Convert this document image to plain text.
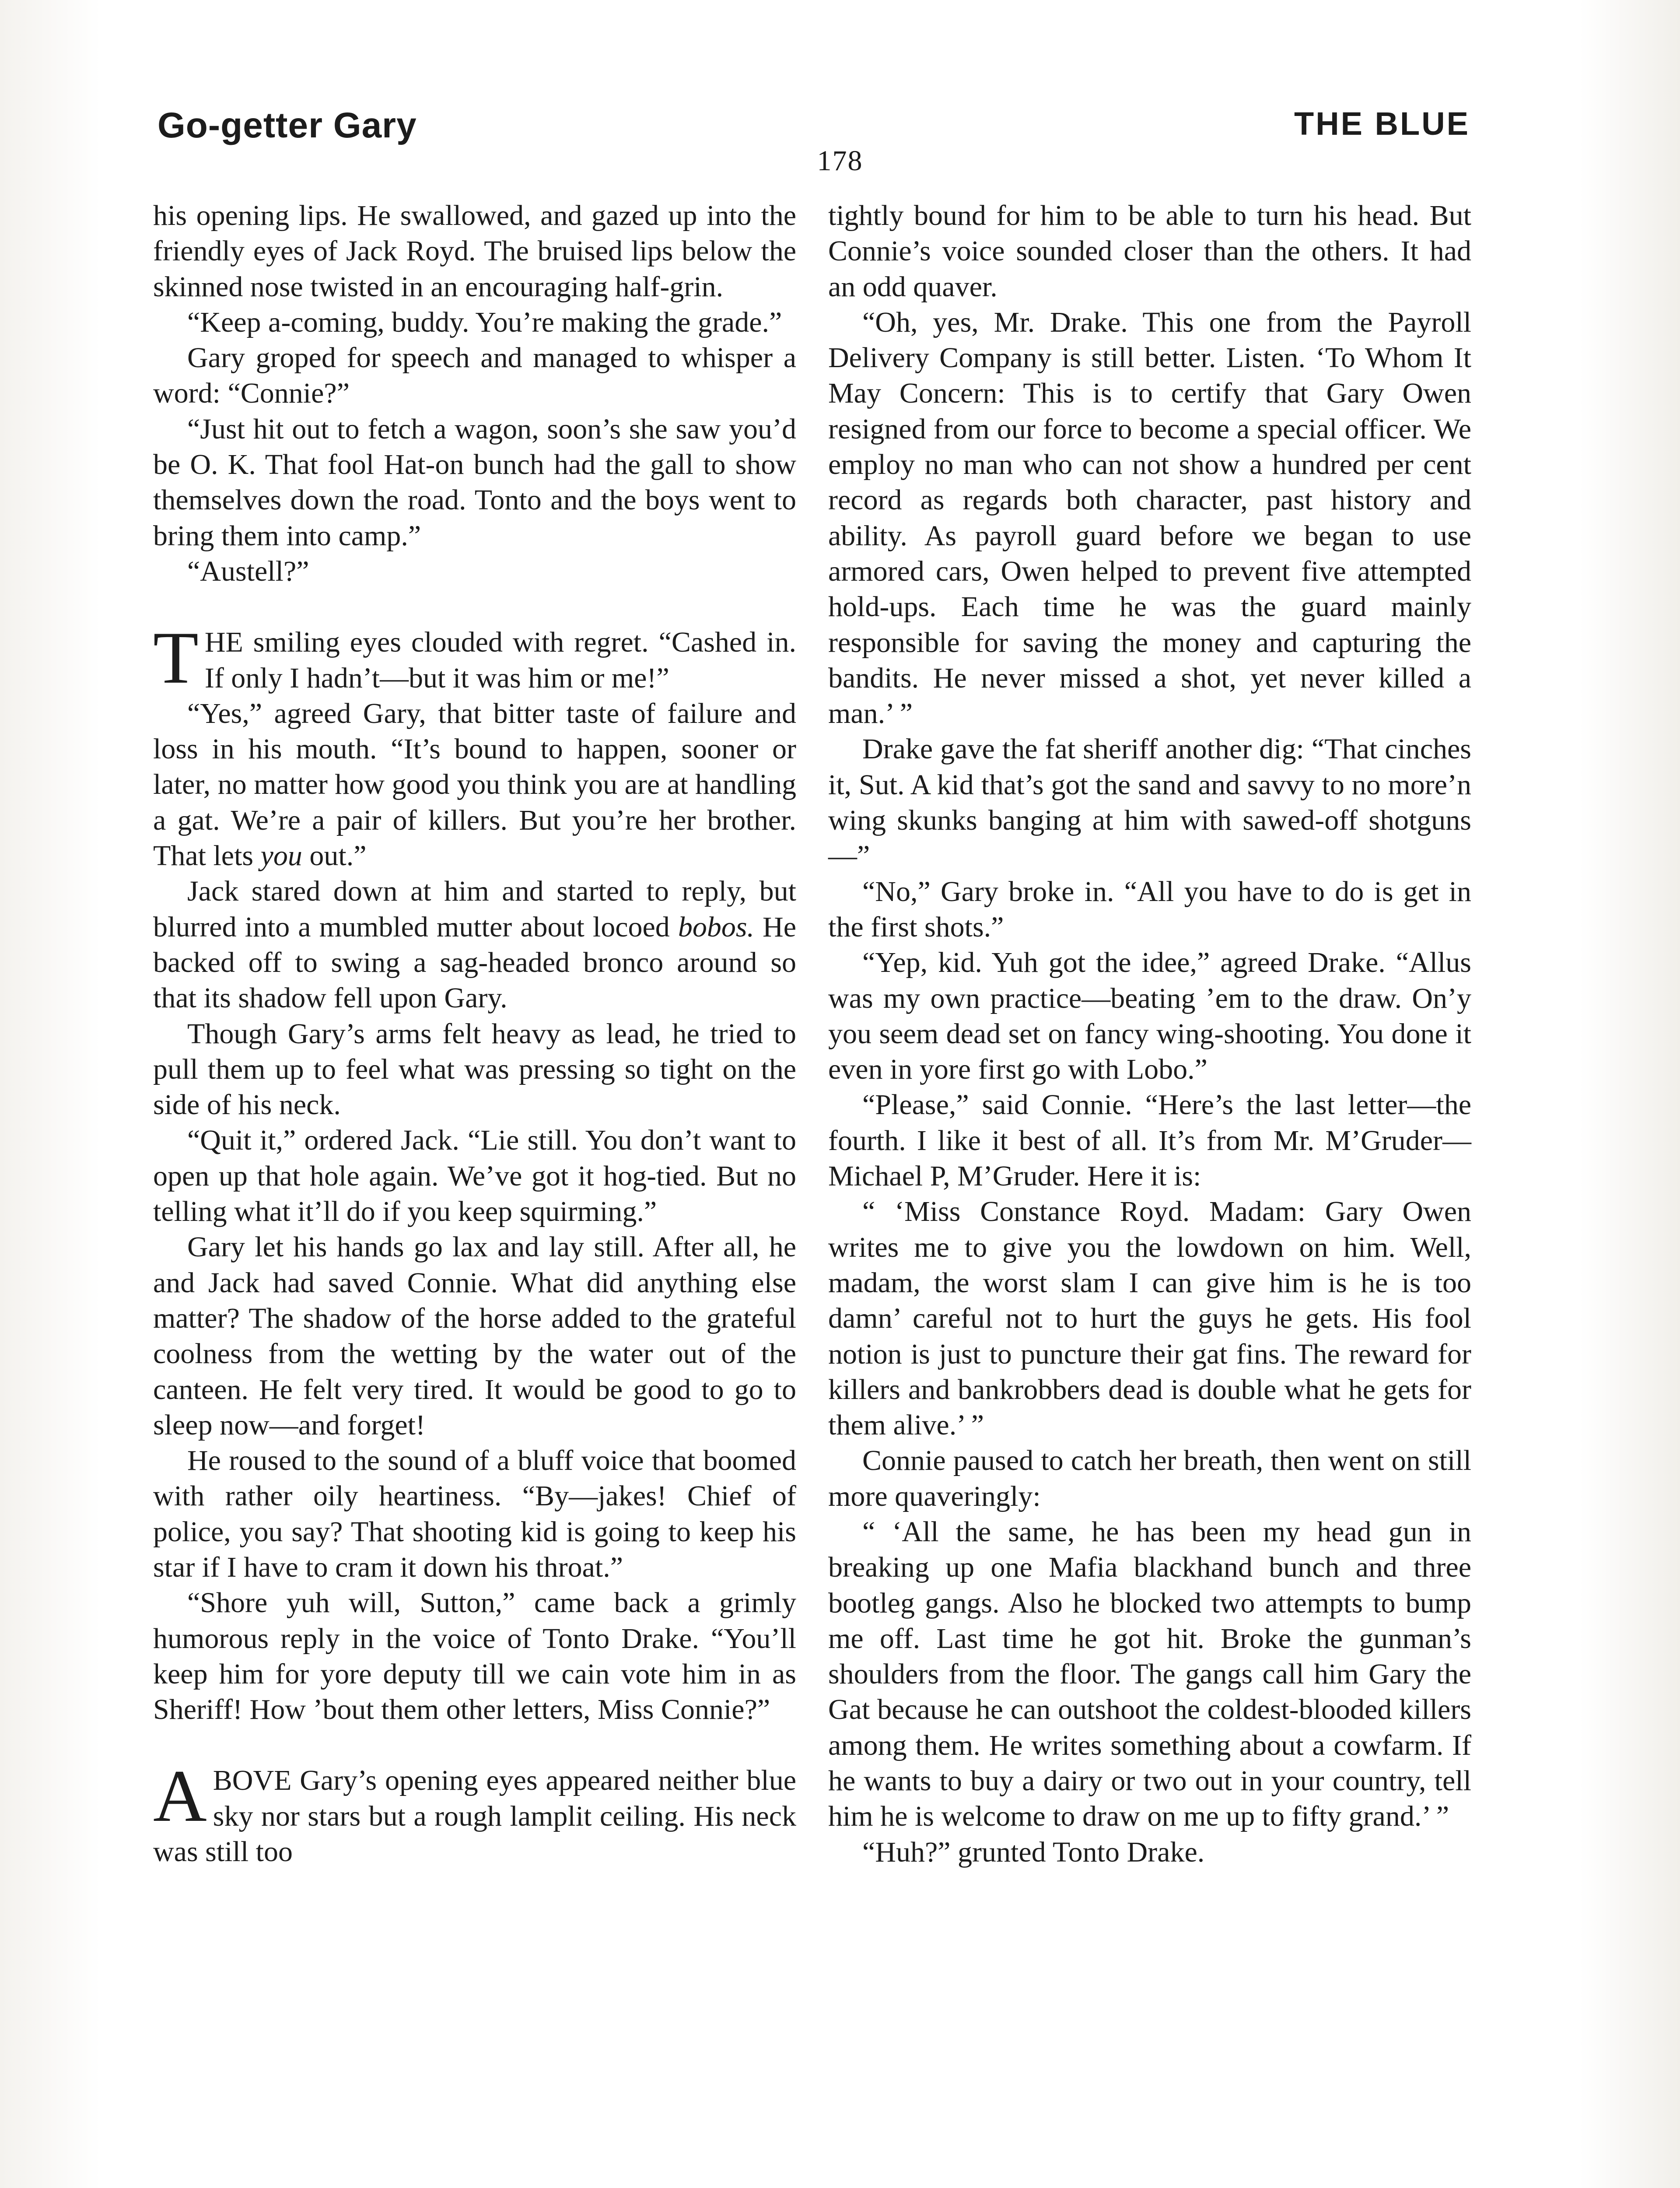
Go-getter Gary	THE BLUE
178

his opening lips. He swallowed, and gazed up into the friendly eyes of Jack Royd. The bruised lips below the skinned nose twisted in an encouraging half-grin.

“Keep a-coming, buddy. You’re making the grade.”

Gary groped for speech and managed to whisper a word: “Connie?”

“Just hit out to fetch a wagon, soon’s she saw you’d be O. K. That fool Hat-on bunch had the gall to show themselves down the road. Tonto and the boys went to bring them into camp.”

“Austell?”

THE smiling eyes clouded with regret. “Cashed in. If only I hadn’t—but it was him or me!”

“Yes,” agreed Gary, that bitter taste of failure and loss in his mouth. “It’s bound to happen, sooner or later, no matter how good you think you are at handling a gat. We’re a pair of killers. But you’re her brother. That lets you out.”

Jack stared down at him and started to reply, but blurred into a mumbled mutter about locoed bobos. He backed off to swing a sag-headed bronco around so that its shadow fell upon Gary.

Though Gary’s arms felt heavy as lead, he tried to pull them up to feel what was pressing so tight on the side of his neck.

“Quit it,” ordered Jack. “Lie still. You don’t want to open up that hole again. We’ve got it hog-tied. But no telling what it’ll do if you keep squirming.”

Gary let his hands go lax and lay still. After all, he and Jack had saved Connie. What did anything else matter? The shadow of the horse added to the grateful coolness from the wetting by the water out of the canteen. He felt very tired. It would be good to go to sleep now—and forget!

He roused to the sound of a bluff voice that boomed with rather oily heartiness. “By—jakes! Chief of police, you say? That shooting kid is going to keep his star if I have to cram it down his throat.”

“Shore yuh will, Sutton,” came back a grimly humorous reply in the voice of Tonto Drake. “You’ll keep him for yore deputy till we cain vote him in as Sheriff! How ’bout them other letters, Miss Connie?”

ABOVE Gary’s opening eyes appeared neither blue sky nor stars but a rough lamplit ceiling. His neck was still too

tightly bound for him to be able to turn his head. But Connie’s voice sounded closer than the others. It had an odd quaver.

“Oh, yes, Mr. Drake. This one from the Payroll Delivery Company is still better. Listen. ‘To Whom It May Concern: This is to certify that Gary Owen resigned from our force to become a special officer. We employ no man who can not show a hundred per cent record as regards both character, past history and ability. As payroll guard before we began to use armored cars, Owen helped to prevent five attempted hold-ups. Each time he was the guard mainly responsible for saving the money and capturing the bandits. He never missed a shot, yet never killed a man.’ ”

Drake gave the fat sheriff another dig: “That cinches it, Sut. A kid that’s got the sand and savvy to no more’n wing skunks banging at him with sawed-off shotguns—”

“No,” Gary broke in. “All you have to do is get in the first shots.”

“Yep, kid. Yuh got the idee,” agreed Drake. “Allus was my own practice—beating ’em to the draw. On’y you seem dead set on fancy wing-shooting. You done it even in yore first go with Lobo.”

“Please,” said Connie. “Here’s the last letter—the fourth. I like it best of all. It’s from Mr. M’Gruder—Michael P, M’Gruder. Here it is:

“ ‘Miss Constance Royd. Madam: Gary Owen writes me to give you the lowdown on him. Well, madam, the worst slam I can give him is he is too damn’ careful not to hurt the guys he gets. His fool notion is just to puncture their gat fins. The reward for killers and bankrobbers dead is double what he gets for them alive.’ ”

Connie paused to catch her breath, then went on still more quaveringly:

“ ‘All the same, he has been my head gun in breaking up one Mafia blackhand bunch and three bootleg gangs. Also he blocked two attempts to bump me off. Last time he got hit. Broke the gunman’s shoulders from the floor. The gangs call him Gary the Gat because he can outshoot the coldest-blooded killers among them. He writes something about a cowfarm. If he wants to buy a dairy or two out in your country, tell him he is welcome to draw on me up to fifty grand.’ ”

“Huh?” grunted Tonto Drake.
